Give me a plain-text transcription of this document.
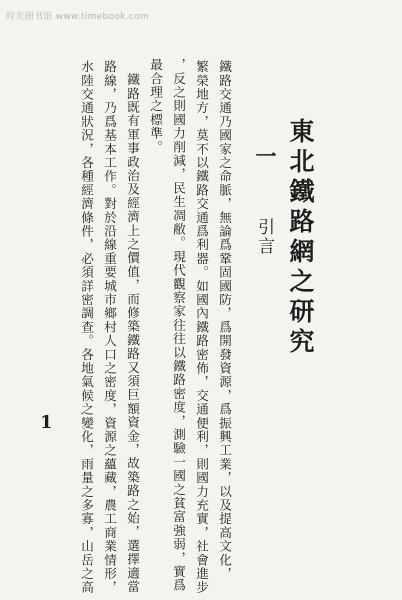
时光图书馆 www.timebook.com
東北鐵路網之研究
一
引言
鐵路交通乃國家之命脈，無論爲鞏固國防，爲開發資源，爲振興工業，以及提高文化，
繁榮地方，莫不以鐵路交通爲利器。如國內鐵路密佈，交通便利，則國力充實，社會進步
，反之則國力削減，民生凋敝。現代觀察家往往以鐵路密度，測驗一國之貧富強弱，實爲
最合理之標準。
鐵路既有軍事政治及經濟上之價值，而修築鐵路又須巨額資金，故築路之始，選擇適當
路線，乃爲基本工作。對於沿線重要城市鄉村人口之密度，資源之蘊藏，農工商業情形，
水陸交通狀況，各種經濟條件，必須詳密調查。各地氣候之變化，雨量之多寡，山岳之高
1
